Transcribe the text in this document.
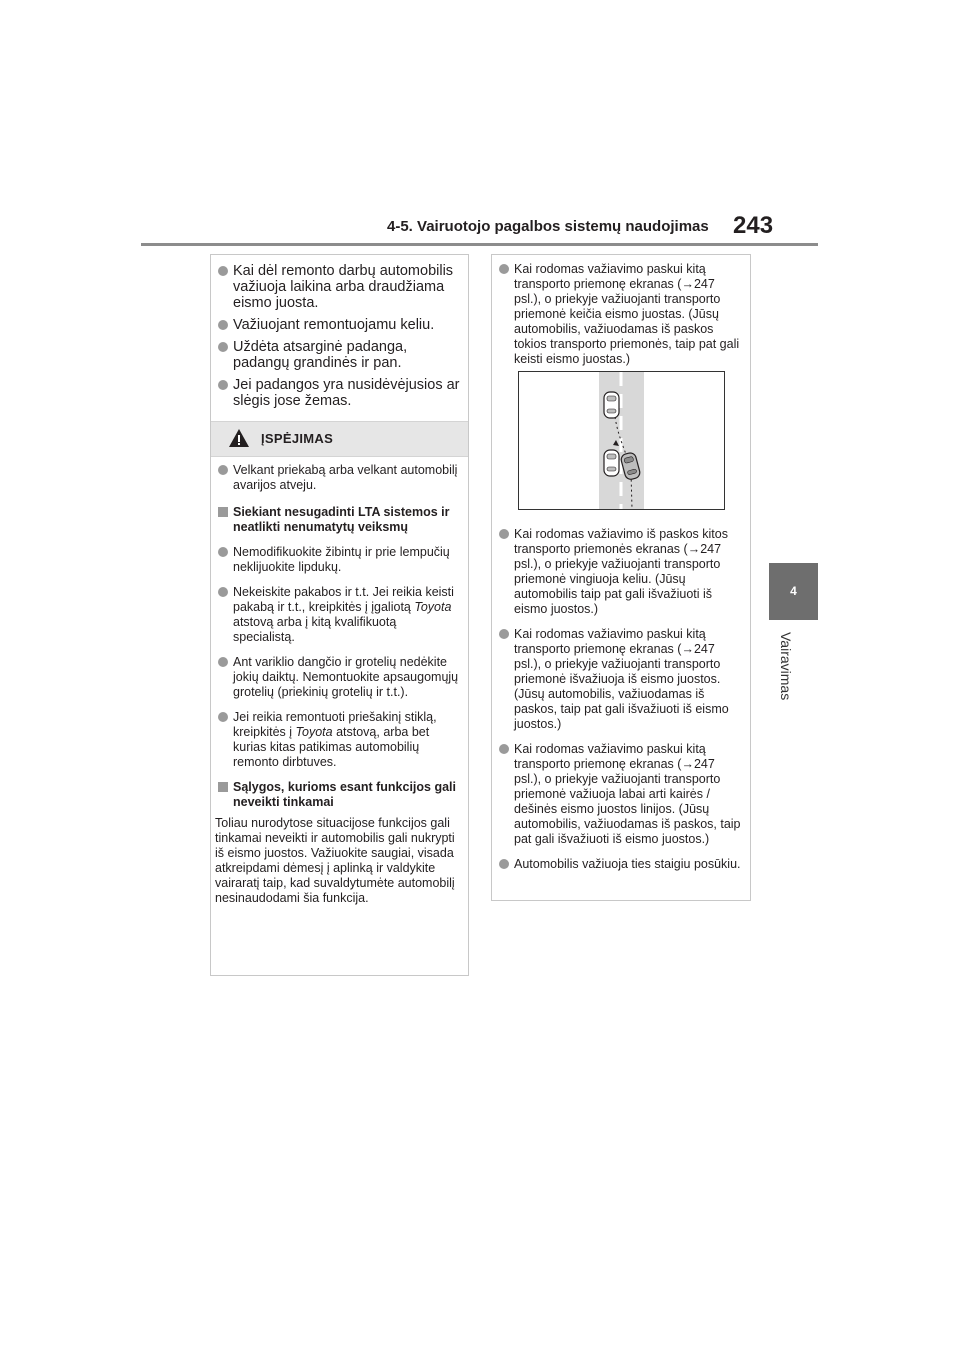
4-5. Vairuotojo pagalbos sistemų naudojimas 243
4
Vairavimas

Kai dėl remonto darbų automobilis važiuoja laikina arba draudžiama eismo juosta.

Važiuojant remontuojamu keliu.

Uždėta atsarginė padanga, padangų grandinės ir pan.

Jei padangos yra nusidėvėjusios ar slėgis jose žemas.

ĮSPĖJIMAS

Velkant priekabą arba velkant automobilį avarijos atveju.

Siekiant nesugadinti LTA sistemos ir neatlikti nenumatytų veiksmų

Nemodifikuokite žibintų ir prie lempučių neklijuokite lipdukų.

Nekeiskite pakabos ir t.t. Jei reikia keisti pakabą ir t.t., kreipkitės į įgaliotą Toyota atstovą arba į kitą kvalifikuotą specialistą.

Ant variklio dangčio ir grotelių nedėkite jokių daiktų. Nemontuokite apsaugomųjų grotelių (priekinių grotelių ir t.t.).

Jei reikia remontuoti priešakinį stiklą, kreipkitės į Toyota atstovą, arba bet kurias kitas patikimas automobilių remonto dirbtuves.

Sąlygos, kurioms esant funkcijos gali neveikti tinkamai

Toliau nurodytose situacijose funkcijos gali tinkamai neveikti ir automobilis gali nukrypti iš eismo juostos. Važiuokite saugiai, visada atkreipdami dėmesį į aplinką ir valdykite vairaratį taip, kad suvaldytumėte automobilį nesinaudodami šia funkcija.

Kai rodomas važiavimo paskui kitą transporto priemonę ekranas (→247 psl.), o priekyje važiuojanti transporto priemonė keičia eismo juostas. (Jūsų automobilis, važiuodamas iš paskos tokios transporto priemonės, taip pat gali keisti eismo juostas.)

Kai rodomas važiavimo iš paskos kitos transporto priemonės ekranas (→247 psl.), o priekyje važiuojanti transporto priemonė vingiuoja keliu. (Jūsų automobilis taip pat gali išvažiuoti iš eismo juostos.)

Kai rodomas važiavimo paskui kitą transporto priemonę ekranas (→247 psl.), o priekyje važiuojanti transporto priemonė išvažiuoja iš eismo juostos. (Jūsų automobilis, važiuodamas iš paskos, taip pat gali išvažiuoti iš eismo juostos.)

Kai rodomas važiavimo paskui kitą transporto priemonę ekranas (→247 psl.), o priekyje važiuojanti transporto priemonė važiuoja labai arti kairės / dešinės eismo juostos linijos. (Jūsų automobilis, važiuodamas iš paskos, taip pat gali išvažiuoti iš eismo juostos.)

Automobilis važiuoja ties staigiu posūkiu.
